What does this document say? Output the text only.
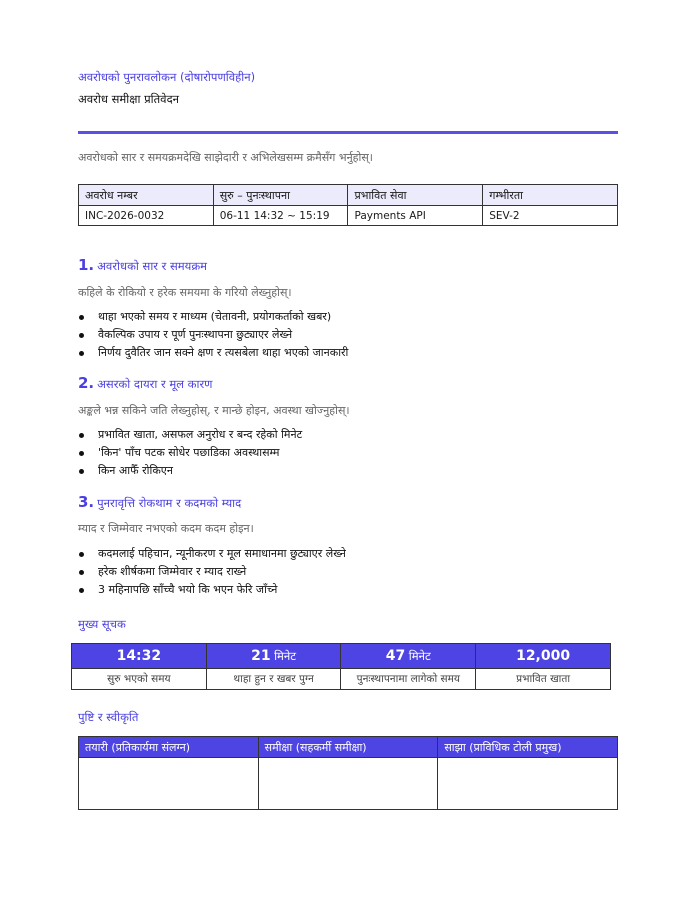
अवरोधको पुनरावलोकन (दोषारोपणविहीन)
अवरोध समीक्षा प्रतिवेदन
अवरोधको सार र समयक्रमदेखि साझेदारी र अभिलेखसम्म क्रमैसँग भर्नुहोस्।
अवरोध नम्बर	सुरु – पुनःस्थापना	प्रभावित सेवा	गम्भीरता
INC-2026-0032	06-11 14:32 ~ 15:19	Payments API	SEV-2
1. अवरोधको सार र समयक्रम
कहिले के रोकियो र हरेक समयमा के गरियो लेख्नुहोस्।
थाहा भएको समय र माध्यम (चेतावनी, प्रयोगकर्ताको खबर)
वैकल्पिक उपाय र पूर्ण पुनःस्थापना छुट्याएर लेख्ने
निर्णय दुवैतिर जान सक्ने क्षण र त्यसबेला थाहा भएको जानकारी
2. असरको दायरा र मूल कारण
अङ्कले भन्न सकिने जति लेख्नुहोस्, र मान्छे होइन, अवस्था खोज्नुहोस्।
प्रभावित खाता, असफल अनुरोध र बन्द रहेको मिनेट
'किन' पाँच पटक सोधेर पछाडिका अवस्थासम्म
किन आफैँ रोकिएन
3. पुनरावृत्ति रोकथाम र कदमको म्याद
म्याद र जिम्मेवार नभएको कदम कदम होइन।
कदमलाई पहिचान, न्यूनीकरण र मूल समाधानमा छुट्याएर लेख्ने
हरेक शीर्षकमा जिम्मेवार र म्याद राख्ने
3 महिनापछि साँच्चै भयो कि भएन फेरि जाँच्ने
मुख्य सूचक
14:32	21 मिनेट	47 मिनेट	12,000
सुरु भएको समय	थाहा हुन र खबर पुग्न	पुनःस्थापनामा लागेको समय	प्रभावित खाता
पुष्टि र स्वीकृति
तयारी (प्रतिकार्यमा संलग्न)	समीक्षा (सहकर्मी समीक्षा)	साझा (प्राविधिक टोली प्रमुख)
